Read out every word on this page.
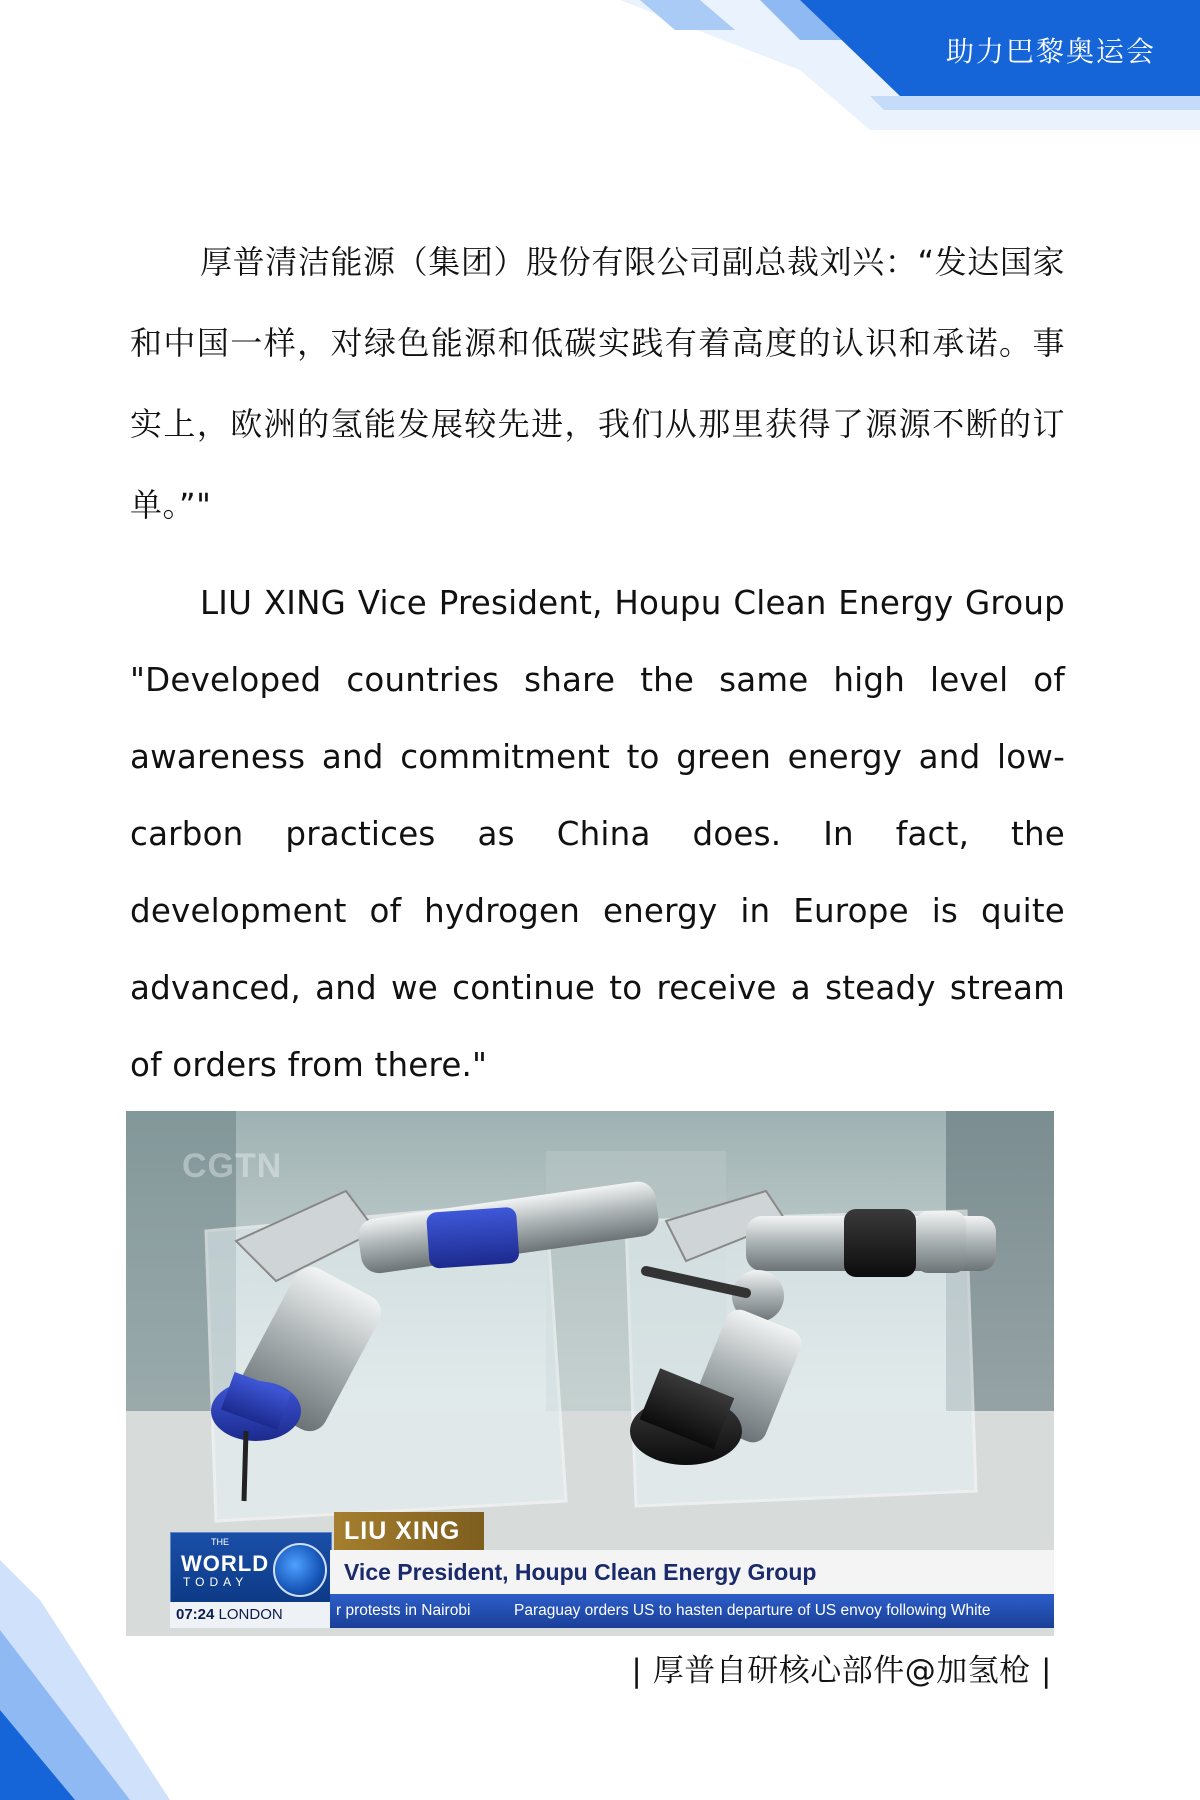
助力巴黎奥运会

厚普清洁能源（集团）股份有限公司副总裁刘兴：“发达国家和中国一样，对绿色能源和低碳实践有着高度的认识和承诺。事实上，欧洲的氢能发展较先进，我们从那里获得了源源不断的订单。”"

LIU XING Vice President, Houpu Clean Energy Group "Developed countries share the same high level of awareness and commitment to green energy and low-carbon practices as China does. In fact, the development of hydrogen energy in Europe is quite advanced, and we continue to receive a steady stream of orders from there."

CGTN
THE
WORLD
TODAY
LIU XING
Vice President, Houpu Clean Energy Group
07:24 LONDON	r protests in Nairobi	Paraguay orders US to hasten departure of US envoy following White
| 厚普自研核心部件@加氢枪 |
